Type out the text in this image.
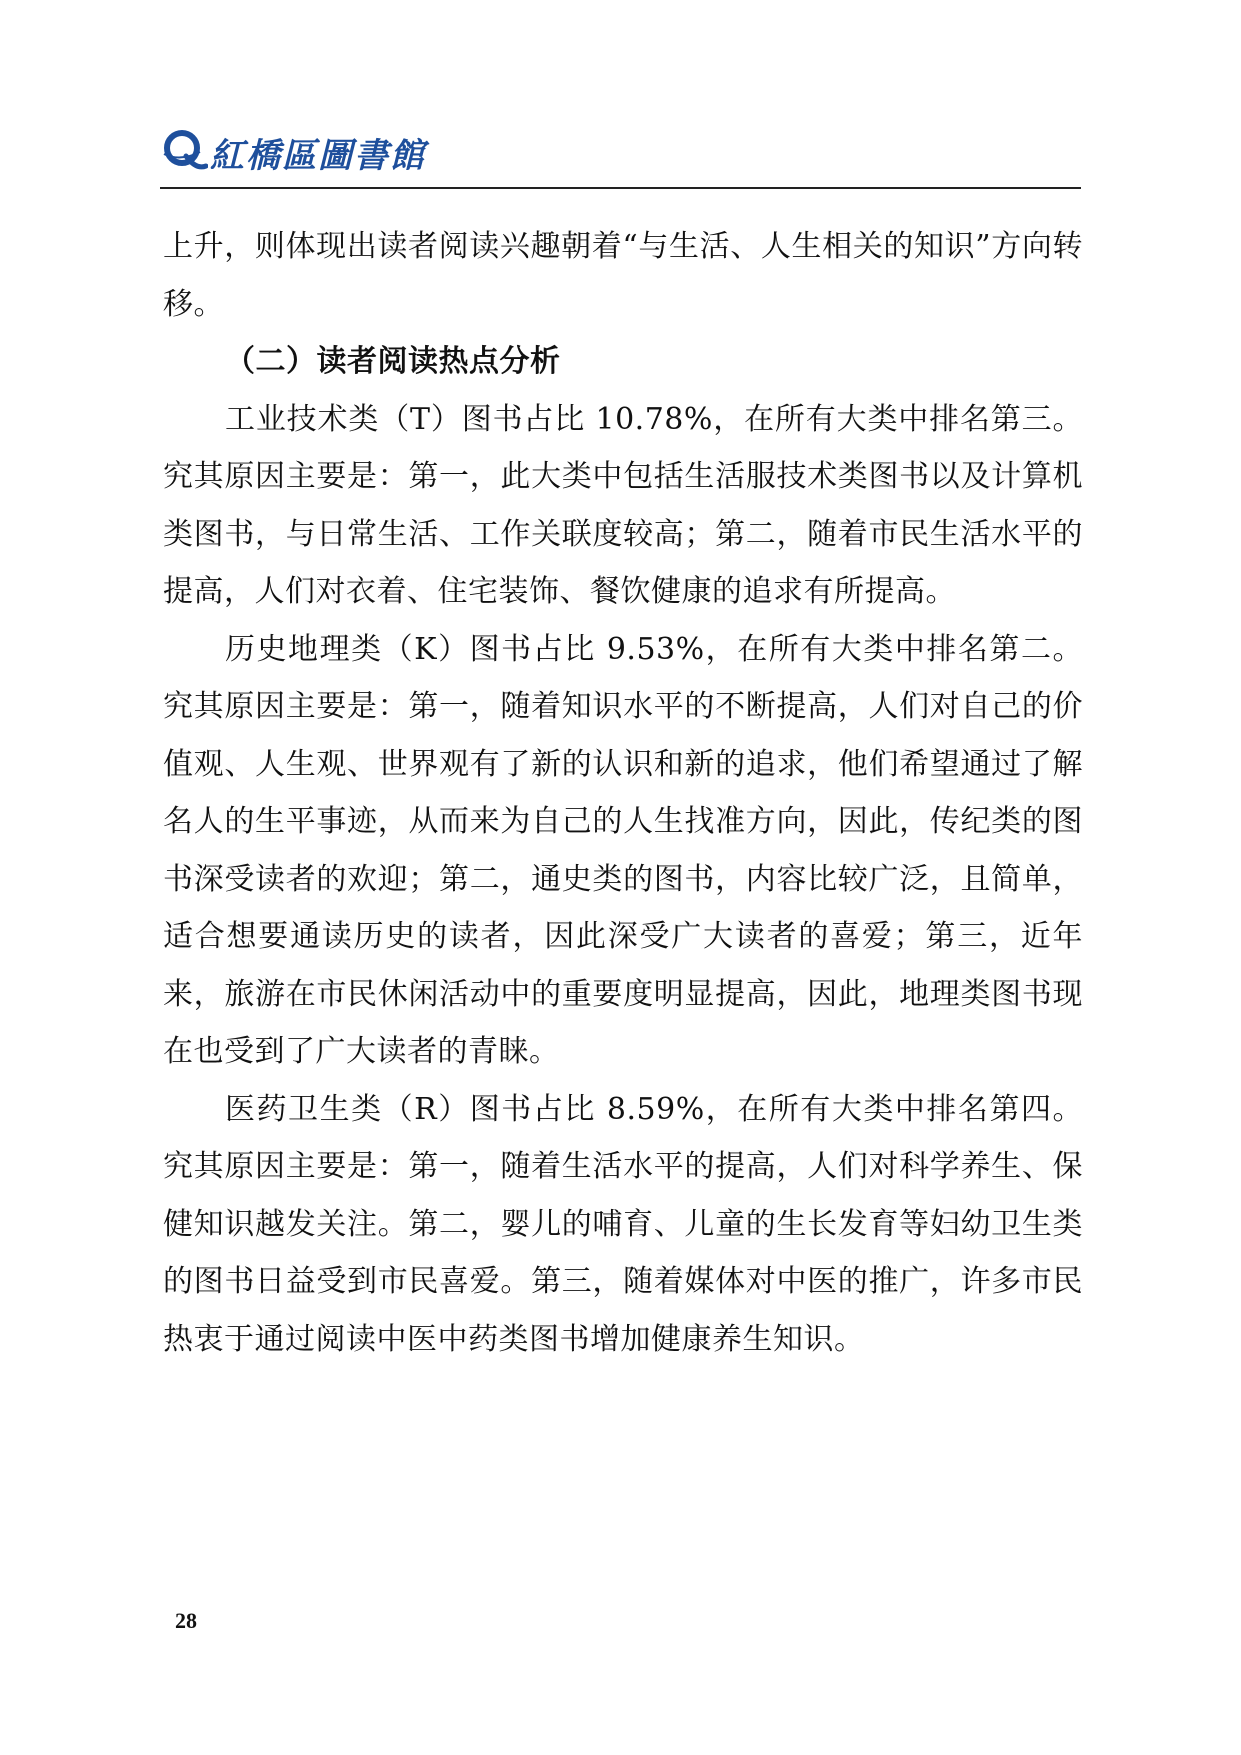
紅橋區圖書館

上升，则体现出读者阅读兴趣朝着“与生活、人生相关的知识”方向转移。

（二）读者阅读热点分析

工业技术类（T）图书占比 10.78%，在所有大类中排名第三。究其原因主要是：第一，此大类中包括生活服技术类图书以及计算机类图书，与日常生活、工作关联度较高；第二，随着市民生活水平的提高，人们对衣着、住宅装饰、餐饮健康的追求有所提高。

历史地理类（K）图书占比 9.53%，在所有大类中排名第二。究其原因主要是：第一，随着知识水平的不断提高，人们对自己的价值观、人生观、世界观有了新的认识和新的追求，他们希望通过了解名人的生平事迹，从而来为自己的人生找准方向，因此，传纪类的图书深受读者的欢迎；第二，通史类的图书，内容比较广泛，且简单，适合想要通读历史的读者，因此深受广大读者的喜爱；第三，近年来，旅游在市民休闲活动中的重要度明显提高，因此，地理类图书现在也受到了广大读者的青睐。

医药卫生类（R）图书占比 8.59%，在所有大类中排名第四。究其原因主要是：第一，随着生活水平的提高，人们对科学养生、保健知识越发关注。第二，婴儿的哺育、儿童的生长发育等妇幼卫生类的图书日益受到市民喜爱。第三，随着媒体对中医的推广，许多市民热衷于通过阅读中医中药类图书增加健康养生知识。

28
